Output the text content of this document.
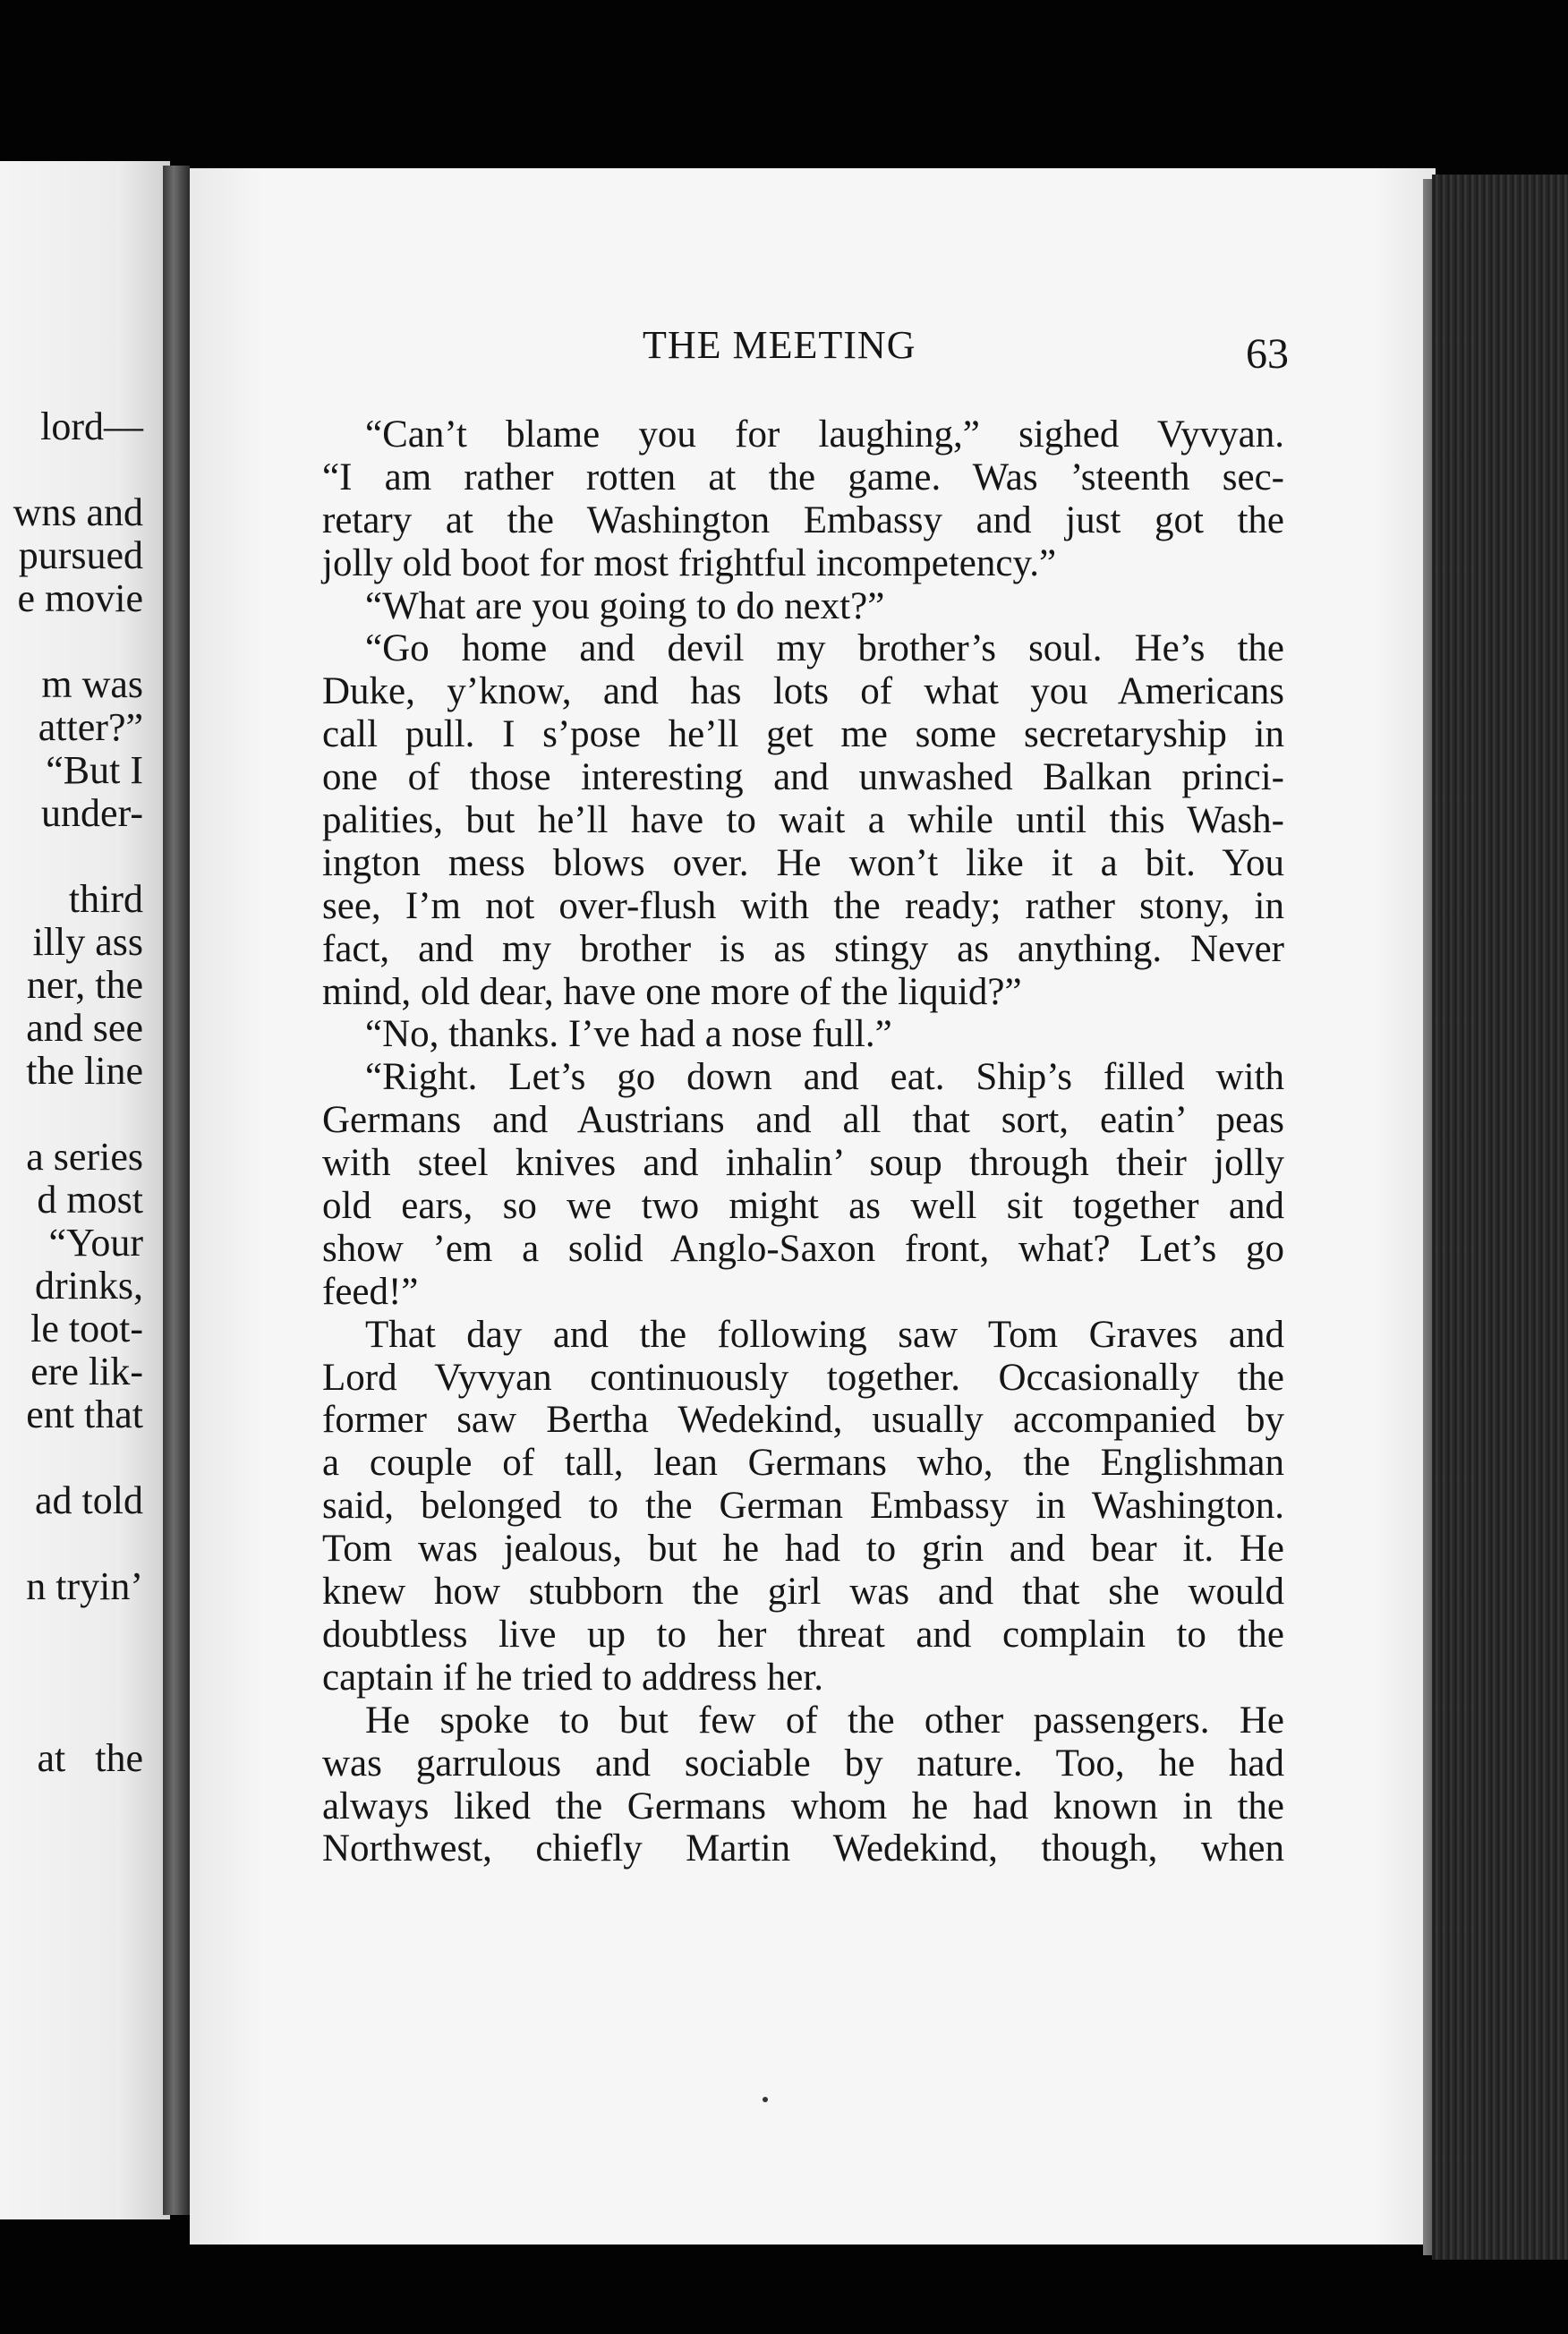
lord—
wns and
pursued
e movie
m was
atter?”
“But I
under-
third
illy ass
ner, the
and see
the line
a series
d most
“Your
drinks,
le toot-
ere lik-
ent that
ad told
n tryin’
at   the
THE MEETING	63
“Can’t blame you for laughing,” sighed Vyvyan.
“I am rather rotten at the game. Was ’steenth sec-
retary at the Washington Embassy and just got the
jolly old boot for most frightful incompetency.”
“What are you going to do next?”
“Go home and devil my brother’s soul. He’s the
Duke, y’know, and has lots of what you Americans
call pull. I s’pose he’ll get me some secretaryship in
one of those interesting and unwashed Balkan princi-
palities, but he’ll have to wait a while until this Wash-
ington mess blows over. He won’t like it a bit. You
see, I’m not over-flush with the ready; rather stony, in
fact, and my brother is as stingy as anything. Never
mind, old dear, have one more of the liquid?”
“No, thanks. I’ve had a nose full.”
“Right. Let’s go down and eat. Ship’s filled with
Germans and Austrians and all that sort, eatin’ peas
with steel knives and inhalin’ soup through their jolly
old ears, so we two might as well sit together and
show ’em a solid Anglo-Saxon front, what? Let’s go
feed!”
That day and the following saw Tom Graves and
Lord Vyvyan continuously together. Occasionally the
former saw Bertha Wedekind, usually accompanied by
a couple of tall, lean Germans who, the Englishman
said, belonged to the German Embassy in Washington.
Tom was jealous, but he had to grin and bear it. He
knew how stubborn the girl was and that she would
doubtless live up to her threat and complain to the
captain if he tried to address her.
He spoke to but few of the other passengers. He
was garrulous and sociable by nature. Too, he had
always liked the Germans whom he had known in the
Northwest, chiefly Martin Wedekind, though, when
